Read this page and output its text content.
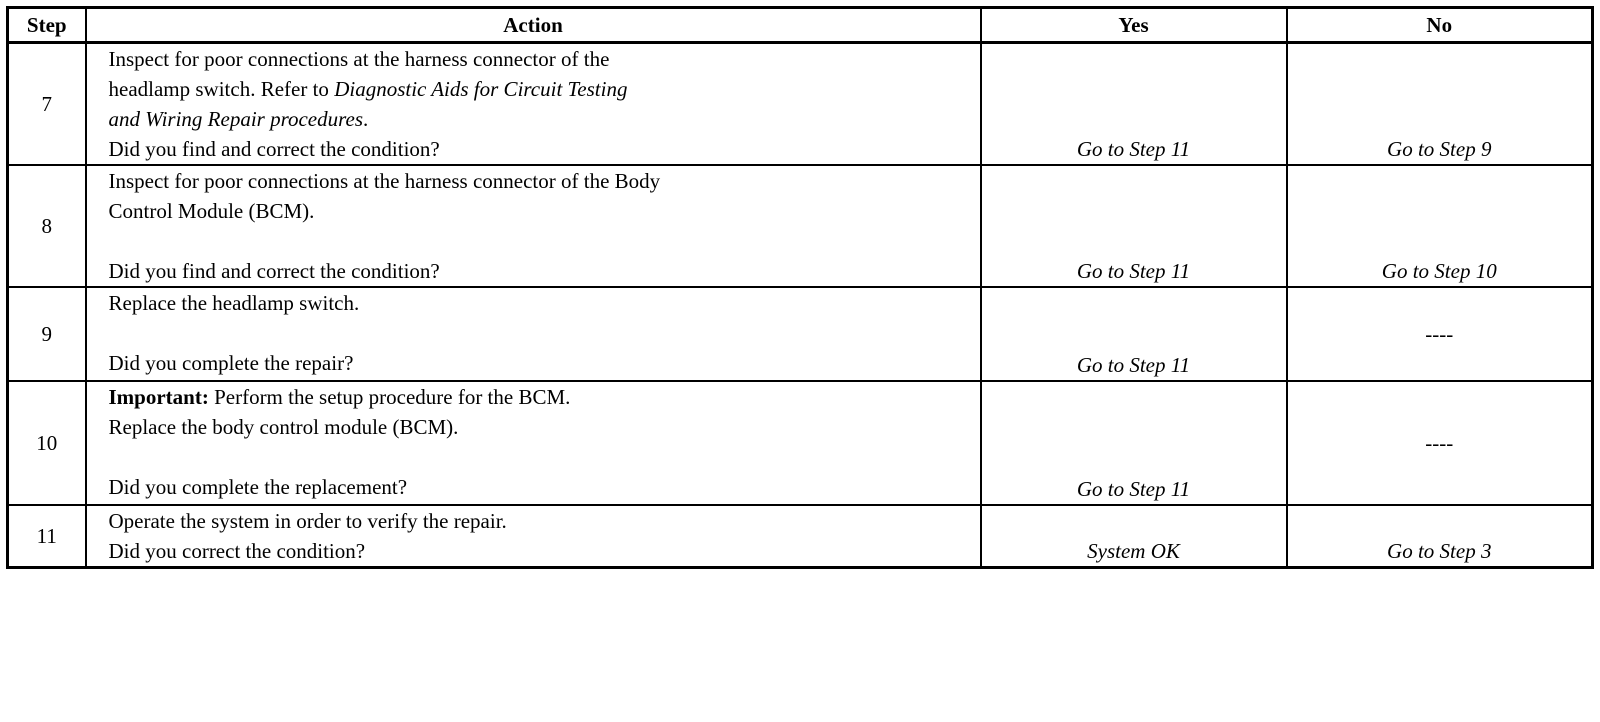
Step	Action	Yes	No
7	Inspect for poor connections at the harness connector of the
headlamp switch. Refer to Diagnostic Aids for Circuit Testing
and Wiring Repair procedures.
Did you find and correct the condition?	Go to Step 11	Go to Step 9

8	Inspect for poor connections at the harness connector of the Body
Control Module (BCM).
Did you find and correct the condition?	Go to Step 11	Go to Step 10

9	Replace the headlamp switch.
Did you complete the repair?	Go to Step 11	----
10	Important: Perform the setup procedure for the BCM.
Replace the body control module (BCM).
Did you complete the replacement?	Go to Step 11	----
11	Operate the system in order to verify the repair.
Did you correct the condition?	System OK	Go to Step 3
